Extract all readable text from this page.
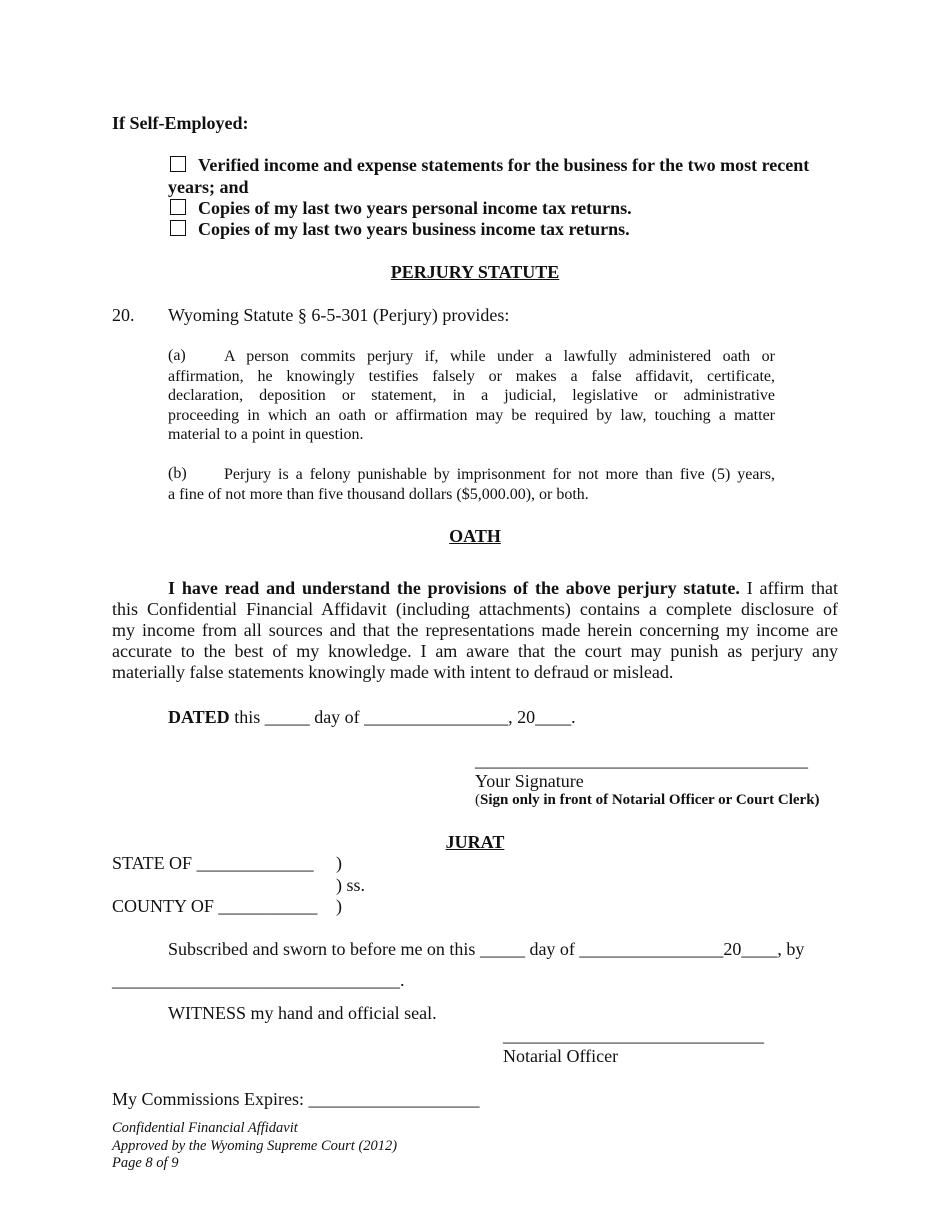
If Self-Employed:
Verified income and expense statements for the business for the two most recent
years; and
Copies of my last two years personal income tax returns.
Copies of my last two years business income tax returns.
PERJURY STATUTE
20. Wyoming Statute § 6-5-301 (Perjury) provides:
(a)	A person commits perjury if, while under a lawfully administered oath or
affirmation, he knowingly testifies falsely or makes a false affidavit, certificate,
declaration, deposition or statement, in a judicial, legislative or administrative
proceeding in which an oath or affirmation may be required by law, touching a matter
material to a point in question.
(b)	Perjury is a felony punishable by imprisonment for not more than five (5) years,
a fine of not more than five thousand dollars ($5,000.00), or both.
OATH
I have read and understand the provisions of the above perjury statute. I affirm that
this Confidential Financial Affidavit (including attachments) contains a complete disclosure of
my income from all sources and that the representations made herein concerning my income are
accurate to the best of my knowledge. I am aware that the court may punish as perjury any
materially false statements knowingly made with intent to defraud or mislead.
DATED this _____ day of ________________, 20____.
_____________________________________
Your Signature
(Sign only in front of Notarial Officer or Court Clerk)
JURAT
STATE OF _____________ )
) ss.
COUNTY OF ___________ )
Subscribed and sworn to before me on this _____ day of ________________20____, by
________________________________.
WITNESS my hand and official seal.
_____________________________
Notarial Officer
My Commissions Expires: ___________________
Confidential Financial Affidavit
Approved by the Wyoming Supreme Court (2012)
Page 8 of 9
